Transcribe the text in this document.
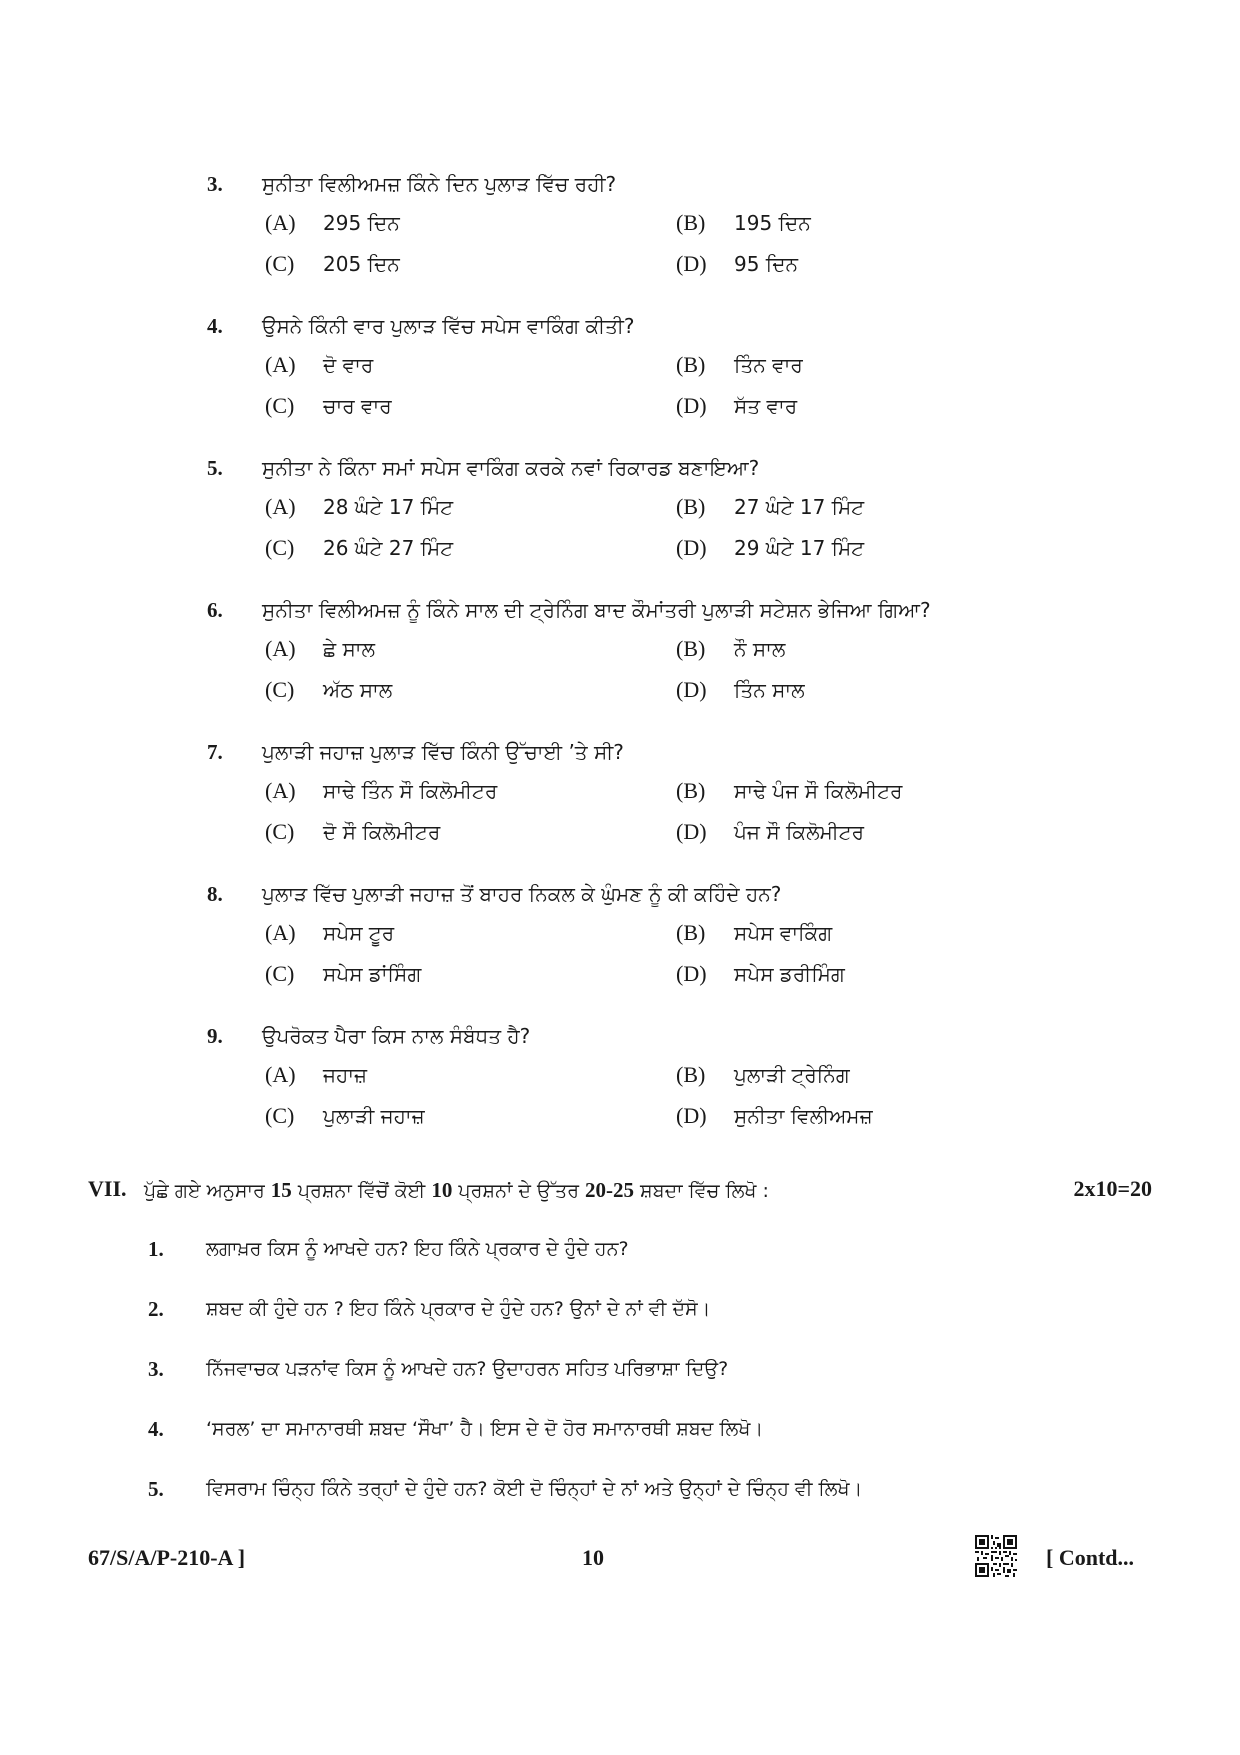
3. ਸੁਨੀਤਾ ਵਿਲੀਅਮਜ਼ ਕਿੰਨੇ ਦਿਨ ਪੁਲਾੜ ਵਿੱਚ ਰਹੀ?
(A) 295 ਦਿਨ	(B) 195 ਦਿਨ
(C) 205 ਦਿਨ	(D) 95 ਦਿਨ
4. ਉਸਨੇ ਕਿੰਨੀ ਵਾਰ ਪੁਲਾੜ ਵਿੱਚ ਸਪੇਸ ਵਾਕਿੰਗ ਕੀਤੀ?
(A) ਦੋ ਵਾਰ	(B) ਤਿੰਨ ਵਾਰ
(C) ਚਾਰ ਵਾਰ	(D) ਸੱਤ ਵਾਰ
5. ਸੁਨੀਤਾ ਨੇ ਕਿੰਨਾ ਸਮਾਂ ਸਪੇਸ ਵਾਕਿੰਗ ਕਰਕੇ ਨਵਾਂ ਰਿਕਾਰਡ ਬਣਾਇਆ?
(A) 28 ਘੰਟੇ 17 ਮਿੰਟ	(B) 27 ਘੰਟੇ 17 ਮਿੰਟ
(C) 26 ਘੰਟੇ 27 ਮਿੰਟ	(D) 29 ਘੰਟੇ 17 ਮਿੰਟ
6. ਸੁਨੀਤਾ ਵਿਲੀਅਮਜ਼ ਨੂੰ ਕਿੰਨੇ ਸਾਲ ਦੀ ਟ੍ਰੇਨਿੰਗ ਬਾਦ ਕੌਮਾਂਤਰੀ ਪੁਲਾੜੀ ਸਟੇਸ਼ਨ ਭੇਜਿਆ ਗਿਆ?
(A) ਛੇ ਸਾਲ	(B) ਨੌ ਸਾਲ
(C) ਅੱਠ ਸਾਲ	(D) ਤਿੰਨ ਸਾਲ
7. ਪੁਲਾੜੀ ਜਹਾਜ਼ ਪੁਲਾੜ ਵਿੱਚ ਕਿੰਨੀ ਉੱਚਾਈ ’ਤੇ ਸੀ?
(A) ਸਾਢੇ ਤਿੰਨ ਸੌ ਕਿਲੋਮੀਟਰ	(B) ਸਾਢੇ ਪੰਜ ਸੌ ਕਿਲੋਮੀਟਰ
(C) ਦੋ ਸੌ ਕਿਲੋਮੀਟਰ	(D) ਪੰਜ ਸੌ ਕਿਲੋਮੀਟਰ
8. ਪੁਲਾੜ ਵਿੱਚ ਪੁਲਾੜੀ ਜਹਾਜ਼ ਤੋਂ ਬਾਹਰ ਨਿਕਲ ਕੇ ਘੁੰਮਣ ਨੂੰ ਕੀ ਕਹਿੰਦੇ ਹਨ?
(A) ਸਪੇਸ ਟੂਰ	(B) ਸਪੇਸ ਵਾਕਿੰਗ
(C) ਸਪੇਸ ਡਾਂਸਿੰਗ	(D) ਸਪੇਸ ਡਰੀਮਿੰਗ
9. ਉਪਰੋਕਤ ਪੈਰਾ ਕਿਸ ਨਾਲ ਸੰਬੰਧਤ ਹੈ?
(A) ਜਹਾਜ਼	(B) ਪੁਲਾੜੀ ਟ੍ਰੇਨਿੰਗ
(C) ਪੁਲਾੜੀ ਜਹਾਜ਼	(D) ਸੁਨੀਤਾ ਵਿਲੀਅਮਜ਼
VII. ਪੁੱਛੇ ਗਏ ਅਨੁਸਾਰ 15 ਪ੍ਰਸ਼ਨਾ ਵਿੱਚੋਂ ਕੋਈ 10 ਪ੍ਰਸ਼ਨਾਂ ਦੇ ਉੱਤਰ 20-25 ਸ਼ਬਦਾ ਵਿੱਚ ਲਿਖੋ :	2x10=20
1. ਲਗਾਖ਼ਰ ਕਿਸ ਨੂੰ ਆਖਦੇ ਹਨ? ਇਹ ਕਿੰਨੇ ਪ੍ਰਕਾਰ ਦੇ ਹੁੰਦੇ ਹਨ?
2. ਸ਼ਬਦ ਕੀ ਹੁੰਦੇ ਹਨ ? ਇਹ ਕਿੰਨੇ ਪ੍ਰਕਾਰ ਦੇ ਹੁੰਦੇ ਹਨ? ਉਨਾਂ ਦੇ ਨਾਂ ਵੀ ਦੱਸੋ।
3. ਨਿੱਜਵਾਚਕ ਪੜਨਾਂਵ ਕਿਸ ਨੂੰ ਆਖਦੇ ਹਨ? ਉਦਾਹਰਨ ਸਹਿਤ ਪਰਿਭਾਸ਼ਾ ਦਿਉ?
4. ‘ਸਰਲ’ ਦਾ ਸਮਾਨਾਰਥੀ ਸ਼ਬਦ ‘ਸੌਖਾ’ ਹੈ। ਇਸ ਦੇ ਦੋ ਹੋਰ ਸਮਾਨਾਰਥੀ ਸ਼ਬਦ ਲਿਖੋ।
5. ਵਿਸਰਾਮ ਚਿੰਨ੍ਹ ਕਿੰਨੇ ਤਰ੍ਹਾਂ ਦੇ ਹੁੰਦੇ ਹਨ? ਕੋਈ ਦੋ ਚਿੰਨ੍ਹਾਂ ਦੇ ਨਾਂ ਅਤੇ ਉਨ੍ਹਾਂ ਦੇ ਚਿੰਨ੍ਹ ਵੀ ਲਿਖੋ।
67/S/A/P-210-A ]	10	[ Contd...
